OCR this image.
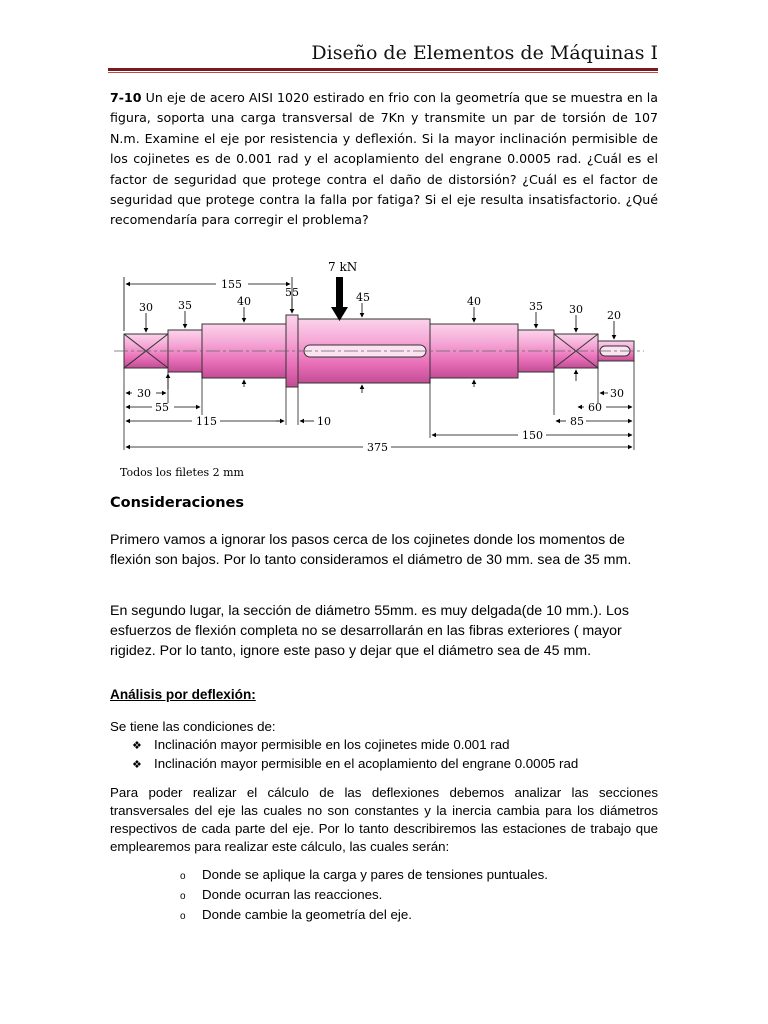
Diseño de Elementos de Máquinas I
7-10 Un eje de acero AISI 1020 estirado en frio con la geometría que se muestra en la figura, soporta una carga transversal de 7Kn y transmite un par de torsión de 107 N.m. Examine el eje por resistencia y deflexión. Si la mayor inclinación permisible de los cojinetes es de 0.001 rad y el acoplamiento del engrane 0.0005 rad. ¿Cuál es el factor de seguridad que protege contra el daño de distorsión? ¿Cuál es el factor de seguridad que protege contra la falla por fatiga? Si el eje resulta insatisfactorio. ¿Qué recomendaría para corregir el problema?
7 kN
30 35	40
55	45	40	35 30 20
155
30
55
115	10
375
150
85
60
30
Todos los filetes 2 mm
Consideraciones
Primero vamos a ignorar los pasos cerca de los cojinetes donde los momentos de flexión son bajos. Por lo tanto consideramos el diámetro de 30 mm. sea de 35 mm.
En segundo lugar, la sección de diámetro 55mm. es muy delgada(de 10 mm.). Los esfuerzos de flexión completa no se desarrollarán en las fibras exteriores ( mayor rigidez. Por lo tanto, ignore este paso y dejar que el diámetro sea de 45 mm.
Análisis por deflexión:
Se tiene las condiciones de:
❖ Inclinación mayor permisible en los cojinetes mide 0.001 rad
❖ Inclinación mayor permisible en el acoplamiento del engrane 0.0005 rad
Para poder realizar el cálculo de las deflexiones debemos analizar las secciones transversales del eje las cuales no son constantes y la inercia cambia para los diámetros respectivos de cada parte del eje. Por lo tanto describiremos las estaciones de trabajo que emplearemos para realizar este cálculo, las cuales serán:
o	Donde se aplique la carga y pares de tensiones puntuales.
o	Donde ocurran las reacciones.
o	Donde cambie la geometría del eje.
